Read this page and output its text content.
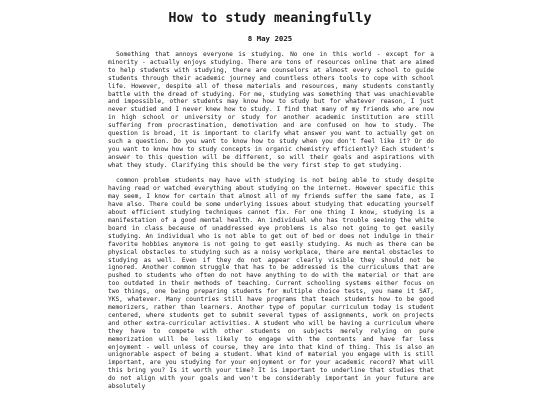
How to study meaningfully
8 May 2025

Something that annoys everyone is studying. No one in this world - except for a minority - actually enjoys studying. There are tons of resources online that are aimed to help students with studying, there are counselors at almost every school to guide students through their academic journey and countless others tools to cope with school life. However, despite all of these materials and resources, many students constantly battle with the dread of studying. For me, studying was something that was unachievable and impossible, other students may know how to study but for whatever reason, I just never studied and I never knew how to study. I find that many of my friends who are now in high school or university or study for another academic institution are still suffering from procrastination, demotivation and are confused on how to study. The question is broad, it is important to clarify what answer you want to actually get on such a question. Do you want to know how to study when you don't feel like it? Or do you want to know how to study concepts in organic chemistry efficiently? Each student's answer to this question will be different, so will their goals and aspirations with what they study. Clarifying this should be the very first step to get studying.

common problem students may have with studying is not being able to study despite having read or watched everything about studying on the internet. However specific this may seem, I know for certain that almost all of my friends suffer the same fate, as I have also. There could be some underlying issues about studying that educating yourself about efficient studying techniques cannot fix. For one thing I know, studying is a manifestation of a good mental health. An individual who has trouble seeing the white board in class because of unaddressed eye problems is also not going to get easily studying. An individual who is not able to get out of bed or does not indulge in their favorite hobbies anymore is not going to get easily studying. As much as there can be physical obstacles to studying such as a noisy workplace, there are mental obstacles to studying as well. Even if they do not appear clearly visible they should not be ignored. Another common struggle that has to be addressed is the curriculums that are pushed to students who often do not have anything to do with the material or that are too outdated in their methods of teaching. Current schooling systems either focus on two things, one being preparing students for multiple choice tests, you name it SAT, YKS, whatever. Many countries still have programs that teach students how to be good memorizers, rather than learners. Another type of popular curriculum today is student centered, where students get to submit several types of assignments, work on projects and other extra-curricular activities. A student who will be having a curriculum where they have to compete with other students on subjects merely relying on pure memorization will be less likely to engage with the contents and have far less enjoyment - well unless of course, they are into that kind of thing. This is also an unignorable aspect of being a student. What kind of material you engage with is still important, are you studying for your enjoyment or for your academic record? What will this bring you? Is it worth your time? It is important to underline that studies that do not align with your goals and won't be considerably important in your future are absolutely
